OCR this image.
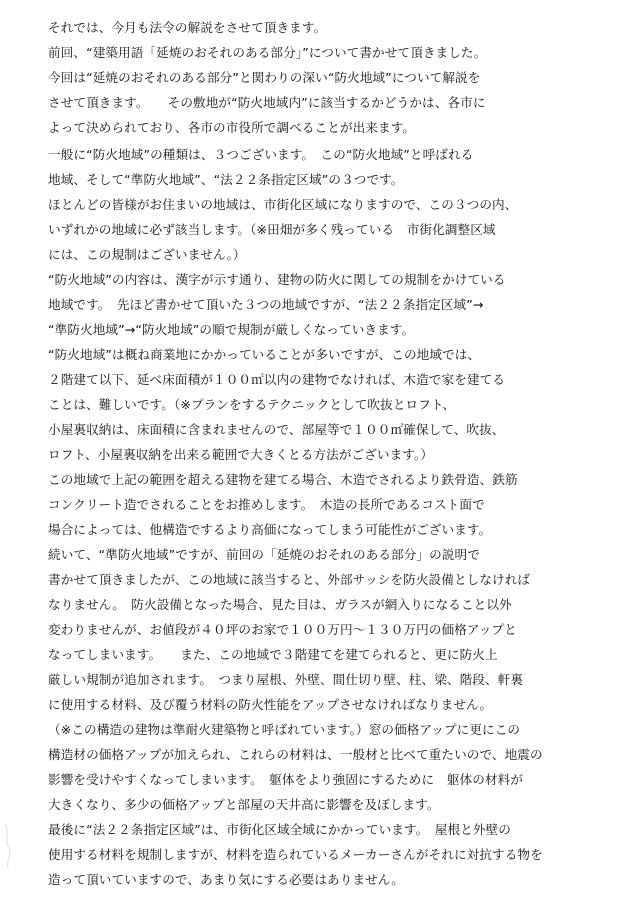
それでは、今月も法令の解説をさせて頂きます。
前回、“建築用語「延焼のおそれのある部分」”について書かせて頂きました。
今回は“延焼のおそれのある部分”と関わりの深い“防火地域”について解説を
させて頂きます。　　その敷地が“防火地域内”に該当するかどうかは、各市に
よって決められており、各市の市役所で調べることが出来ます。
一般に“防火地域”の種類は、３つございます。　この“防火地域”と呼ばれる
地域、そして“準防火地域”、“法２２条指定区域”の３つです。
ほとんどの皆様がお住まいの地域は、市街化区域になりますので、この３つの内、
いずれかの地域に必ず該当します。（※田畑が多く残っている　市街化調整区域
には、この規制はございません。）
“防火地域”の内容は、漢字が示す通り、建物の防火に関しての規制をかけている
地域です。　先ほど書かせて頂いた３つの地域ですが、“法２２条指定区域”→
“準防火地域”→“防火地域”の順で規制が厳しくなっていきます。
“防火地域”は概ね商業地にかかっていることが多いですが、この地域では、
２階建て以下、延べ床面積が１００㎡以内の建物でなければ、木造で家を建てる
ことは、難しいです。（※プランをするテクニックとして吹抜とロフト、
小屋裏収納は、床面積に含まれませんので、部屋等で１００㎡確保して、吹抜、
ロフト、小屋裏収納を出来る範囲で大きくとる方法がございます。）
この地域で上記の範囲を超える建物を建てる場合、木造でされるより鉄骨造、鉄筋
コンクリート造でされることをお推めします。　木造の長所であるコスト面で
場合によっては、他構造でするより高価になってしまう可能性がございます。
続いて、“準防火地域”ですが、前回の「延焼のおそれのある部分」の説明で
書かせて頂きましたが、この地域に該当すると、外部サッシを防火設備としなければ
なりません。　防火設備となった場合、見た目は、ガラスが網入りになること以外
変わりませんが、お値段が４０坪のお家で１００万円～１３０万円の価格アップと
なってしまいます。　　また、この地域で３階建てを建てられると、更に防火上
厳しい規制が追加されます。　つまり屋根、外壁、間仕切り壁、柱、梁、階段、軒裏
に使用する材料、及び覆う材料の防火性能をアップさせなければなりません。
（※この構造の建物は準耐火建築物と呼ばれています。）窓の価格アップに更にこの
構造材の価格アップが加えられ、これらの材料は、一般材と比べて重たいので、地震の
影響を受けやすくなってしまいます。　躯体をより強固にするために　躯体の材料が
大きくなり、多少の価格アップと部屋の天井高に影響を及ぼします。
最後に“法２２条指定区域”は、市街化区域全域にかかっています。　屋根と外壁の
使用する材料を規制しますが、材料を造られているメーカーさんがそれに対抗する物を
造って頂いていますので、あまり気にする必要はありません。
